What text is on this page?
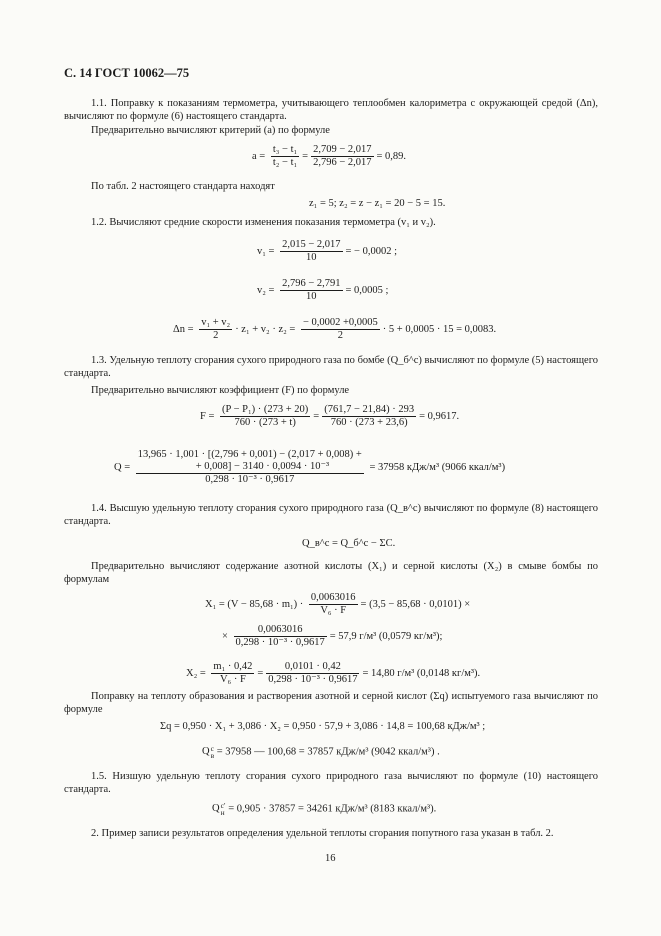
С. 14 ГОСТ 10062—75
1.1. Поправку к показаниям термометра, учитывающего теплообмен калориметра с окружающей средой (Δn), вычисляют по формуле (6) настоящего стандарта.
Предварительно вычисляют критерий (a) по формуле
$a = \frac{\text{t₃ − t₁}}{\text{t₂ − t₁}} = \frac{2,709 - 2,017}{2,796 - 2,017} = 0,89$.
По табл. 2 настоящего стандарта находят
z₁ = 5; z₂ = z − z₁ = 20 − 5 = 15.
1.2. Вычисляют средние скорости изменения показания термометра (v₁ и v₂).
$v_1 = \frac{2,015 - 2,017}{10}$ = − 0,0002 ;
$v_2 = \frac{2,796 - 2,791}{10} = 0,0005$ ;
$\Delta n = \frac{\text{v₁ + v₂}}{2} \cdot z_1 + v_2 \cdot z_2 = \frac{- 0,0002 +0,0005}{2} \cdot 5 + 0,0005 \cdot 15 = 0,0083$.
1.3. Удельную теплоту сгорания сухого природного газа по бомбе (Q_б^с) вычисляют по формуле (5) настоящего стандарта.
Предварительно вычисляют коэффициент (F) по формуле
$F = \frac{\text{(P − P₁) · (273 + 20)}}{760 \cdot (273 + t)} = \frac{(761,7 - 21,84) \cdot 293}{760 \cdot (273 + 23,6)} = 0,9617$.
Q =
13,965 · 1,001 · [(2,796 + 0,001) − (2,017 + 0,008) +
+ 0,008] − 3140 · 0,0094 · 10⁻³
0,298 · 10⁻³ · 0,9617
= 37958 кДж/м³ (9066 ккал/м³)
1.4. Высшую удельную теплоту сгорания сухого природного газа (Q_в^с) вычисляют по формуле (8) настоящего стандарта.
Q_в^с = Q_б^с − ΣC.
Предварительно вычисляют содержание азотной кислоты (X₁) и серной кислоты (X₂) в смыве бомбы по формулам
$X_1 = (V - 85,68 \cdot m_1) \cdot \frac{0,0063016}{\text{V₆ · F}} = (3,5 - 85,68 \cdot 0,0101)$ ×
× $\frac{0,0063016}{\text{0,298 · 10⁻³ · 0,9617}} = 57,9$ г/м³ (0,0579 кг/м³);
$X_2 = \frac{\text{m₁ · 0,42}}{\text{V₆ · F}} = \frac{0,0101 \cdot 0,42}{\text{0,298 · 10⁻³ · 0,9617}} = 14,80$ г/м³ (0,0148 кг/м³).
Поправку на теплоту образования и растворения азотной и серной кислот (Σq) испытуемого газа вычисляют по формуле
Σq = 0,950 · X₁ + 3,086 · X₂ = 0,950 · 57,9 + 3,086 · 14,8 = 100,68 кДж/м³ ;
Q с
в = 37958 — 100,68 = 37857 кДж/м³ (9042 ккал/м³) .
1.5. Низшую удельную теплоту сгорания сухого природного газа вычисляют по формуле (10) настоящего стандарта.
Q с′
н = 0,905 · 37857 = 34261 кДж/м³ (8183 ккал/м³).
2. Пример записи результатов определения удельной теплоты сгорания попутного газа указан в табл. 2.
16
